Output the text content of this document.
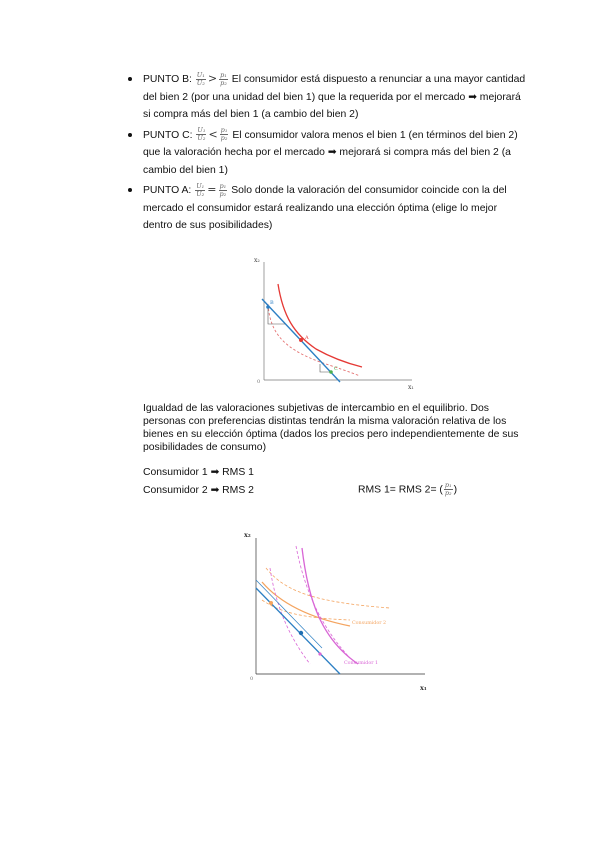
PUNTO B: $\frac{\text{U₁}}{\text{U₂}} > \frac{\text{p₁}}{\text{p₂}}$ El consumidor está dispuesto a renunciar a una mayor cantidad del bien 2 (por una unidad del bien 1) que la requerida por el mercado ➡ mejorará si compra más del bien 1 (a cambio del bien 2)
PUNTO C: $\frac{\text{U₁}}{\text{U₂}} < \frac{\text{p₁}}{\text{p₂}}$ El consumidor valora menos el bien 1 (en términos del bien 2) que la valoración hecha por el mercado ➡ mejorará si compra más del bien 2 (a cambio del bien 1)
PUNTO A: $\frac{\text{U₁}}{\text{U₂}} = \frac{\text{p₁}}{\text{p₂}}$ Solo donde la valoración del consumidor coincide con la del mercado el consumidor estará realizando una elección óptima (elige lo mejor dentro de sus posibilidades)
x₂
0
x₁
B
A
C
Igualdad de las valoraciones subjetivas de intercambio en el equilibrio. Dos personas con preferencias distintas tendrán la misma valoración relativa de los bienes en su elección óptima (dados los precios pero independientemente de sus posibilidades de consumo)
Consumidor 1 ➡ RMS 1
Consumidor 2 ➡ RMS 2	RMS 1= RMS 2= ( $\frac{\text{p₁}}{\text{p₂}}$ )
x₂
0
x₁
Consumidor 2
Consumidor 1
